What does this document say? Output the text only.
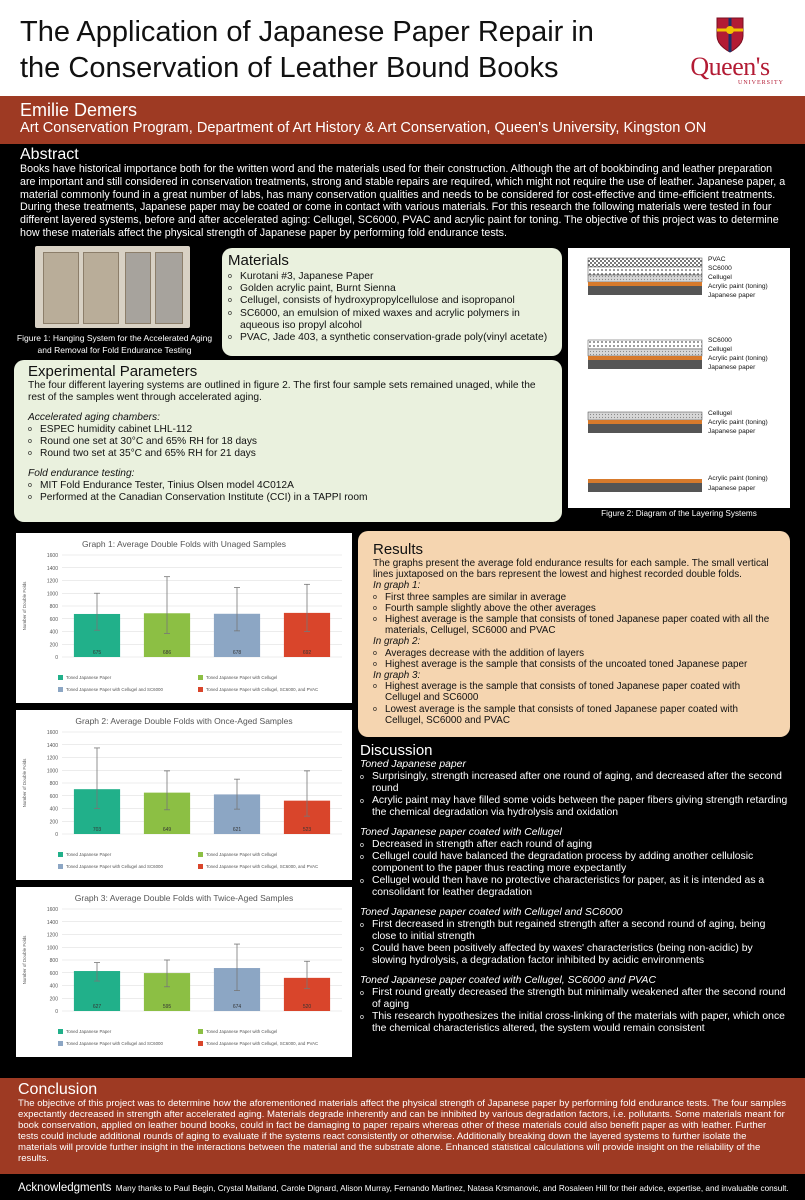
The Application of Japanese Paper Repair in
the Conservation of Leather Bound Books	Queen's
UNIVERSITY
Emilie Demers
Art Conservation Program, Department of Art History & Art Conservation, Queen's University, Kingston ON
Abstract
Books have historical importance both for the written word and the materials used for their construction. Although the art of bookbinding and leather preparation are important and still considered in conservation treatments, strong and stable repairs are required, which might not require the use of leather. Japanese paper, a material commonly found in a great number of labs, has many conservation qualities and needs to be considered for cost-effective and time-efficient treatments. During these treatments, Japanese paper may be coated or come in contact with various materials. For this research the following materials were tested in four different layered systems, before and after accelerated aging: Cellugel, SC6000, PVAC and acrylic paint for toning. The objective of this project was to determine how these materials affect the physical strength of Japanese paper by performing fold endurance tests.
Figure 1: Hanging System for the Accelerated Aging
and Removal for Fold Endurance Testing
Materials
o Kurotani #3, Japanese Paper
o Golden acrylic paint, Burnt Sienna
o Cellugel, consists of hydroxypropylcellulose and isopropanol
o SC6000, an emulsion of mixed waxes and acrylic polymers in aqueous iso propyl alcohol
o PVAC, Jade 403, a synthetic conservation-grade poly(vinyl acetate)
Experimental Parameters

The four different layering systems are outlined in figure 2. The first four sample sets remained unaged, while the rest of the samples went through accelerated aging.

Accelerated aging chambers:

o ESPEC humidity cabinet LHL-112
o Round one set at 30°C and 65% RH for 18 days
o Round two set at 35°C and 65% RH for 21 days

Fold endurance testing:

o MIT Fold Endurance Tester, Tinius Olsen model 4C012A
o Performed at the Canadian Conservation Institute (CCI) in a TAPPI room
PVAC
SC6000
Cellugel
Acrylic paint (toning)
Japanese paper
SC6000
Cellugel
Acrylic paint (toning)
Japanese paper
Cellugel
Acrylic paint (toning)
Japanese paper
Acrylic paint (toning)
Japanese paper
Figure 2: Diagram of the Layering Systems
Graph 1: Average Double Folds with Unaged Samples
Number of Double Folds
0
200
400
600
800
1000
1200
1400
1600
675	686	678	692
Toned Japanese Paper	Toned Japanese Paper with Cellugel
Toned Japanese Paper with Cellugel and SC6000	Toned Japanese Paper with Cellugel, SC6000, and PVAC
Graph 2: Average Double Folds with Once-Aged Samples
Number of Double Folds
0
200
400
600
800
1000
1200
1400
1600
703	649	621	523
Toned Japanese Paper	Toned Japanese Paper with Cellugel
Toned Japanese Paper with Cellugel and SC6000	Toned Japanese Paper with Cellugel, SC6000, and PVAC
Graph 3: Average Double Folds with Twice-Aged Samples
Number of Double Folds
0
200
400
600
800
1000
1200
1400
1600
627	595	674	520
Toned Japanese Paper	Toned Japanese Paper with Cellugel
Toned Japanese Paper with Cellugel and SC6000	Toned Japanese Paper with Cellugel, SC6000, and PVAC
Results

The graphs present the average fold endurance results for each sample. The small vertical lines juxtaposed on the bars represent the lowest and highest recorded double folds.

In graph 1:

o First three samples are similar in average
o Fourth sample slightly above the other averages
o Highest average is the sample that consists of toned Japanese paper coated with all the materials, Cellugel, SC6000 and PVAC

In graph 2:

o Averages decrease with the addition of layers
o Highest average is the sample that consists of the uncoated toned Japanese paper

In graph 3:

o Highest average is the sample that consists of toned Japanese paper coated with Cellugel and SC6000
o Lowest average is the sample that consists of toned Japanese paper coated with Cellugel, SC6000 and PVAC
Discussion

Toned Japanese paper

o Surprisingly, strength increased after one round of aging, and decreased after the second round
o Acrylic paint may have filled some voids between the paper fibers giving strength retarding the chemical degradation via hydrolysis and oxidation

Toned Japanese paper coated with Cellugel

o Decreased in strength after each round of aging
o Cellugel could have balanced the degradation process by adding another cellulosic component to the paper thus reacting more expectantly
o Cellugel would then have no protective characteristics for paper, as it is intended as a consolidant for leather degradation

Toned Japanese paper coated with Cellugel and SC6000

o First decreased in strength but regained strength after a second round of aging, being close to initial strength
o Could have been positively affected by waxes' characteristics (being non-acidic) by slowing hydrolysis, a degradation factor inhibited by acidic environments

Toned Japanese paper coated with Cellugel, SC6000 and PVAC

o First round greatly decreased the strength but minimally weakened after the second round of aging
o This research hypothesizes the initial cross-linking of the materials with paper, which once the chemical characteristics altered, the system would remain consistent
Conclusion

The objective of this project was to determine how the aforementioned materials affect the physical strength of Japanese paper by performing fold endurance tests. The four samples expectantly decreased in strength after accelerated aging. Materials degrade inherently and can be inhibited by various degradation factors, i.e. pollutants. Some materials meant for book conservation, applied on leather bound books, could in fact be damaging to paper repairs whereas other of these materials could also benefit paper as with leather. Further tests could include additional rounds of aging to evaluate if the systems react consistently or otherwise. Additionally breaking down the layered systems to further isolate the materials will provide further insight in the interactions between the material and the substrate alone. Enhanced statistical calculations will provide insight on the reliability of the results.

Acknowledgments Many thanks to Paul Begin, Crystal Maitland, Carole Dignard, Alison Murray, Fernando Martinez, Natasa Krsmanovic, and Rosaleen Hill for their advice, expertise, and invaluable consult.
